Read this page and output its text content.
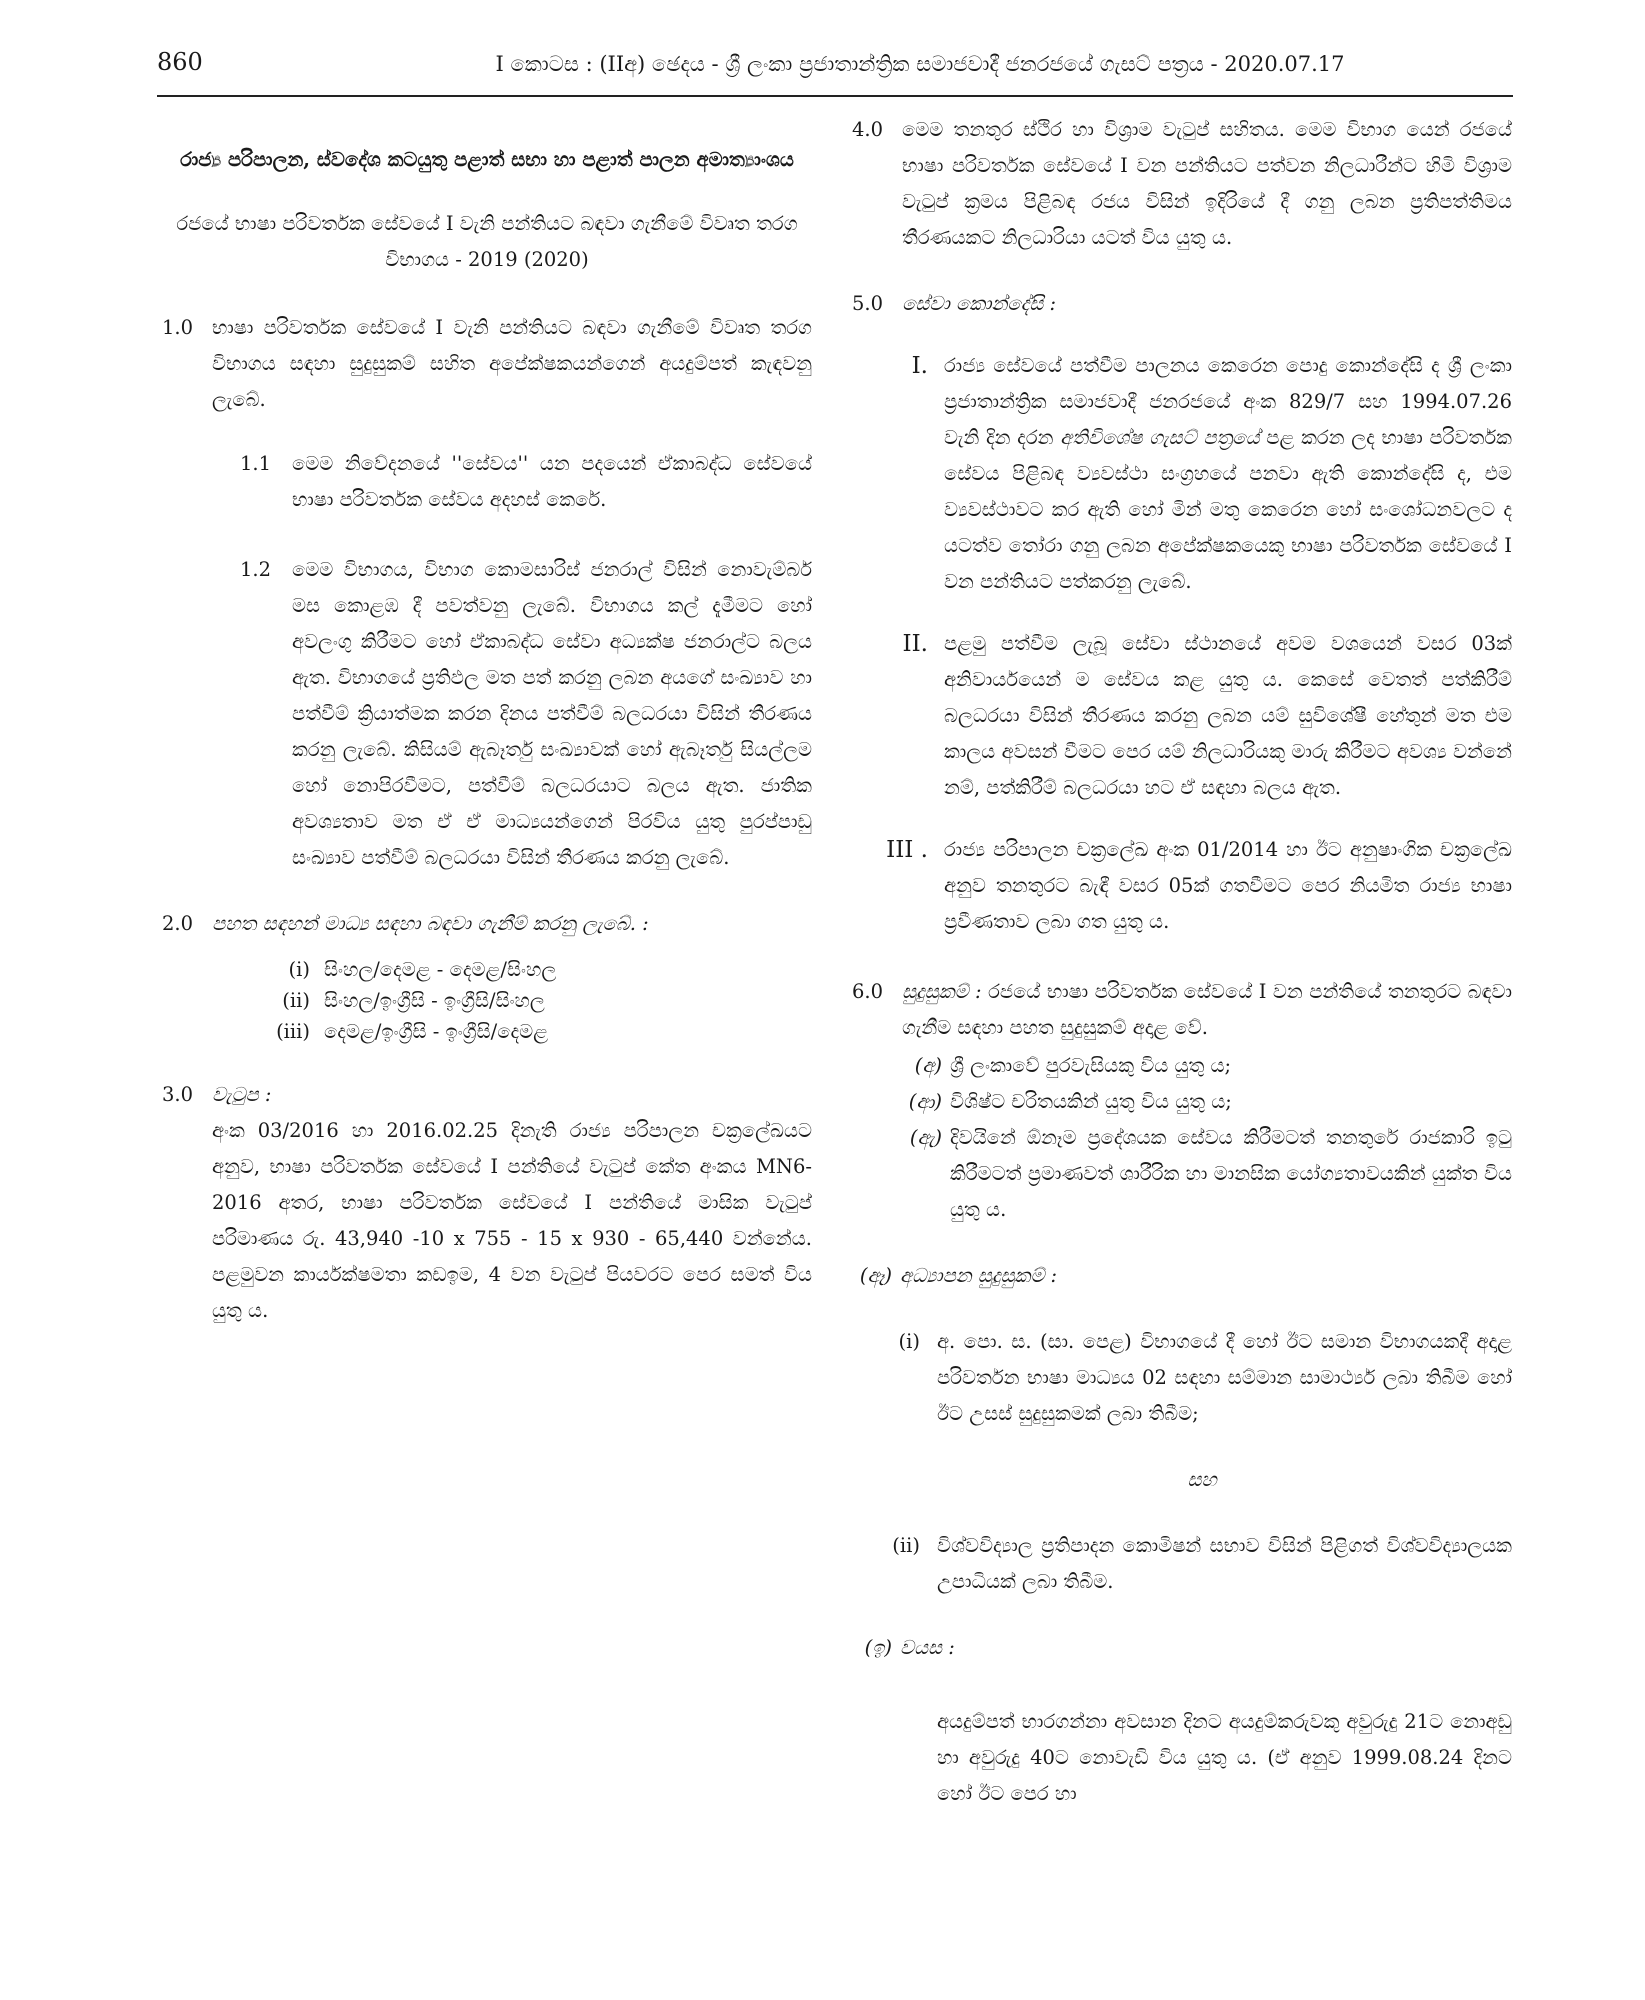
860	I කොටස : (IIඅ) ඡෙදය - ශ්‍රී ලංකා ප්‍රජාතාන්ත්‍රික සමාජවාදී ජනරජයේ ගැසට් පත්‍රය - 2020.07.17
රාජ්‍ය පරිපාලන, ස්වදේශ කටයුතු පළාත් සභා හා පළාත් පාලන අමාත්‍යාංශය
රජයේ භාෂා පරිවර්තක සේවයේ I වැනි පන්තියට බඳවා ගැනීමේ විවෘත තරග විභාගය - 2019 (2020)
1.0 භාෂා පරිවර්තක සේවයේ I වැනි පන්තියට බඳවා ගැනීමේ විවෘත තරග විභාගය සඳහා සුදුසුකම් සහිත අපේක්ෂකයන්ගෙන් අයදුම්පත් කැඳවනු ලැබේ.
1.1 මෙම නිවේදනයේ ''සේවය'' යන පදයෙන් ඒකාබද්ධ සේවයේ භාෂා පරිවර්තක සේවය අදහස් කෙරේ.
1.2 මෙම විභාගය, විභාග කොමසාරිස් ජනරාල් විසින් නොවැම්බර් මස කොළඹ දී පවත්වනු ලැබේ. විභාගය කල් දැමීමට හෝ අවලංගු කිරීමට හෝ ඒකාබද්ධ සේවා අධ්‍යක්ෂ ජනරාල්ට බලය ඇත. විභාගයේ ප්‍රතිඵල මත පත් කරනු ලබන අයගේ සංඛ්‍යාව හා පත්වීම් ක්‍රියාත්මක කරන දිනය පත්වීම් බලධරයා විසින් තීරණය කරනු ලැබේ. කිසියම් ඇබෑර්තු සංඛ්‍යාවක් හෝ ඇබෑර්තු සියල්ලම හෝ නොපිරවීමට, පත්වීම් බලධරයාට බලය ඇත. ජාතික අවශ්‍යතාව මත ඒ ඒ මාධ්‍යයන්ගෙන් පිරවිය යුතු පුරප්පාඩු සංඛ්‍යාව පත්වීම් බලධරයා විසින් තීරණය කරනු ලැබේ.
2.0 පහත සඳහන් මාධ්‍ය සඳහා බඳවා ගැනීම් කරනු ලැබේ. :
(i) සිංහල/දෙමළ - දෙමළ/සිංහල
(ii) සිංහල/ඉංග්‍රීසි - ඉංග්‍රීසි/සිංහල
(iii) දෙමළ/ඉංග්‍රීසි - ඉංග්‍රීසි/දෙමළ
3.0 වැටුප :
අංක 03/2016 හා 2016.02.25 දිනැති රාජ්‍ය පරිපාලන චක්‍රලේඛයට අනුව, භාෂා පරිවර්තක සේවයේ I පන්තියේ වැටුප් කේත අංකය MN6-2016 අතර, භාෂා පරිවර්තක සේවයේ I පන්තියේ මාසික වැටුප් පරිමාණය රු. 43,940 -10 x 755 - 15 x 930 - 65,440 වන්නේය. පළමුවන කාර්යක්ෂමතා කඩඉම, 4 වන වැටුප් පියවරට පෙර සමත් විය යුතු ය.
4.0 මෙම තනතුර ස්ථිර හා විශ්‍රාම වැටුප් සහිතය. මෙම විභාග යෙන් රජයේ භාෂා පරිවර්තක සේවයේ I වන පන්තියට පත්වන නිලධාරීන්ට හිමි විශ්‍රාම වැටුප් ක්‍රමය පිළිබඳ රජය විසින් ඉදිරියේ දී ගනු ලබන ප්‍රතිපත්තිමය තීරණයකට නිලධාරියා යටත් විය යුතු ය.
5.0 සේවා කොන්දේසි :
I. රාජ්‍ය සේවයේ පත්වීම පාලනය කෙරෙන පොදු කොන්දේසි ද ශ්‍රී ලංකා ප්‍රජාතාන්ත්‍රික සමාජවාදී ජනරජයේ අංක 829/7 සහ 1994.07.26 වැනි දින දරන අතිවිශේෂ ගැසට් පත්‍රයේ පළ කරන ලද භාෂා පරිවර්තක සේවය පිළිබඳ ව්‍යවස්ථා සංග්‍රහයේ පනවා ඇති කොන්දේසි ද, එම ව්‍යවස්ථාවට කර ඇති හෝ මින් මතු කෙරෙන හෝ සංශෝධනවලට ද යටත්ව තෝරා ගනු ලබන අපේක්ෂකයෙකු භාෂා පරිවර්තක සේවයේ I වන පන්තියට පත්කරනු ලැබේ.
II. පළමු පත්වීම ලැබූ සේවා ස්ථානයේ අවම වශයෙන් වසර 03ක් අනිවාර්යයෙන් ම සේවය කළ යුතු ය. කෙසේ වෙතත් පත්කිරීම් බලධරයා විසින් තීරණය කරනු ලබන යම් සුවිශේෂී හේතුන් මත එම කාලය අවසන් වීමට පෙර යම් නිලධාරියකු මාරු කිරීමට අවශ්‍ය වන්නේ නම්, පත්කිරීම් බලධරයා හට ඒ සඳහා බලය ඇත.
III . රාජ්‍ය පරිපාලන චක්‍රලේඛ අංක 01/2014 හා ඊට අනුෂාංගික චක්‍රලේඛ අනුව තනතුරට බැඳී වසර 05ක් ගතවීමට පෙර නියමිත රාජ්‍ය භාෂා ප්‍රවීණතාව ලබා ගත යුතු ය.
6.0 සුදුසුකම් : රජයේ භාෂා පරිවර්තක සේවයේ I වන පන්තියේ තනතුරට බඳවා ගැනීම සඳහා පහත සුදුසුකම් අදාළ වේ.
(අ) ශ්‍රී ලංකාවේ පුරවැසියකු විය යුතු ය;
(ආ) විශිෂ්ට චරිතයකින් යුතු විය යුතු ය;
(ඇ) දිවයිනේ ඕනෑම ප්‍රදේශයක සේවය කිරීමටත් තනතුරේ රාජකාරි ඉටු කිරීමටත් ප්‍රමාණවත් ශාරීරික හා මානසික යෝග්‍යතාවයකින් යුක්ත විය යුතු ය.
(ඈ) අධ්‍යාපන සුදුසුකම් :
(i) අ. පො. ස. (සා. පෙළ) විභාගයේ දී හෝ ඊට සමාන විභාගයකදී අදාළ පරිවර්තන භාෂා මාධ්‍යය 02 සඳහා සම්මාන සාමාර්ථ්‍ය ලබා තිබීම හෝ ඊට උසස් සුදුසුකමක් ලබා තිබීම;
සහ
(ii) විශ්වවිද්‍යාල ප්‍රතිපාදන කොමිෂන් සභාව විසින් පිළිගත් විශ්වවිද්‍යාලයක උපාධියක් ලබා තිබීම.
(ඉ) වයස :
අයදුම්පත් භාරගන්නා අවසාන දිනට අයදුම්කරුවකු අවුරුදු 21ට නොඅඩු හා අවුරුදු 40ට නොවැඩි විය යුතු ය. (ඒ අනුව 1999.08.24 දිනට හෝ ඊට පෙර හා
